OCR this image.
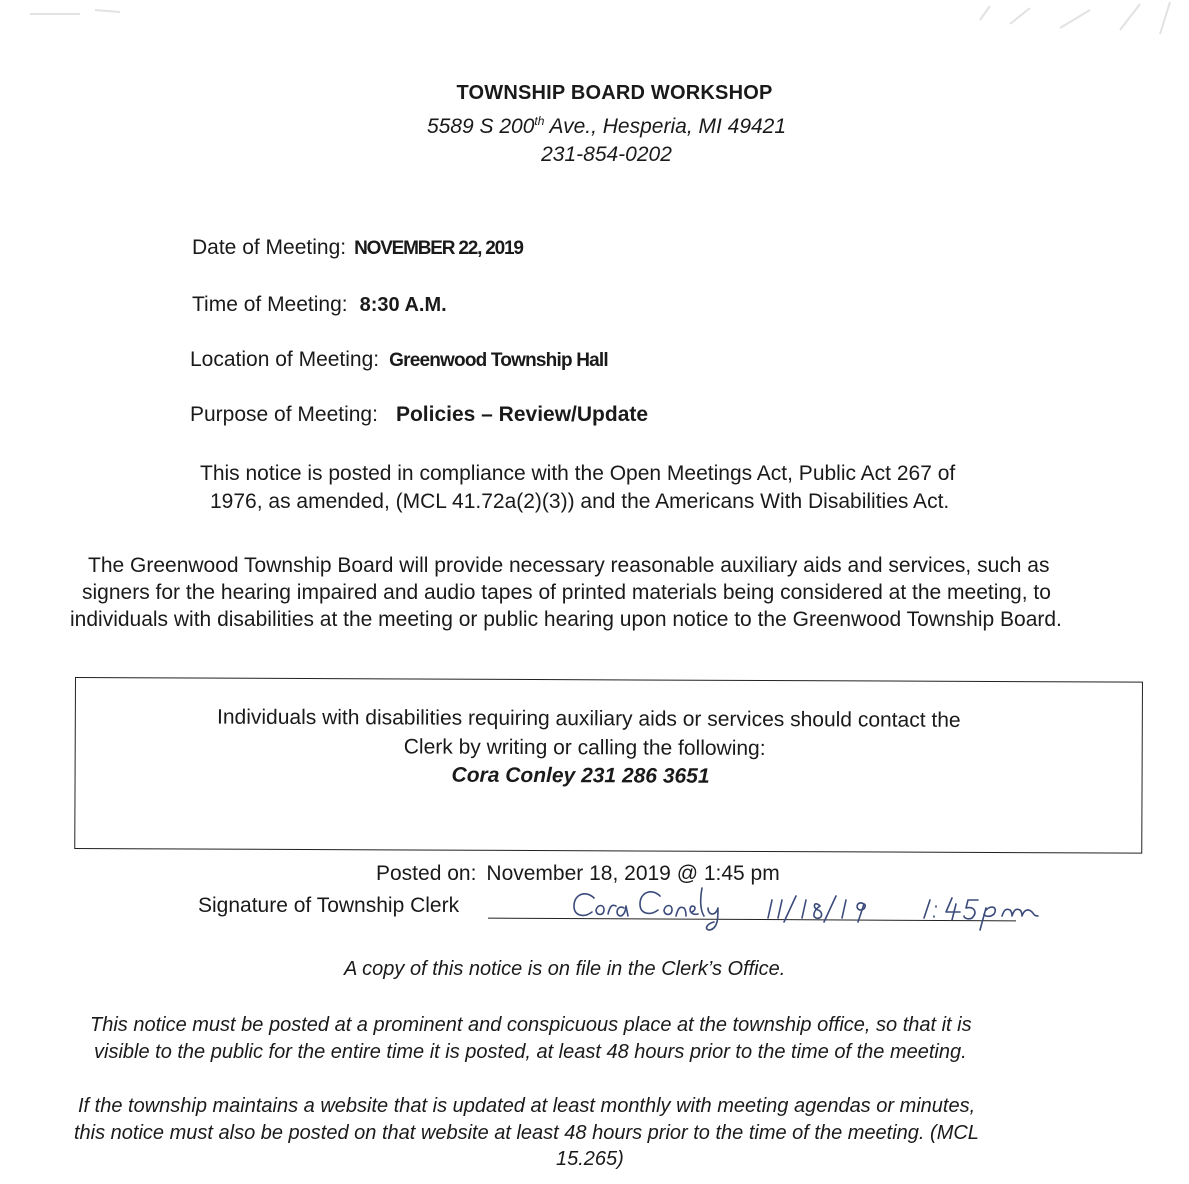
TOWNSHIP BOARD WORKSHOP
5589 S 200th Ave., Hesperia, MI 49421
231-854-0202
Date of Meeting: NOVEMBER 22, 2019
Time of Meeting: 8:30 A.M.
Location of Meeting: Greenwood Township Hall
Purpose of Meeting: Policies – Review/Update
This notice is posted in compliance with the Open Meetings Act, Public Act 267 of
1976, as amended, (MCL 41.72a(2)(3)) and the Americans With Disabilities Act.
The Greenwood Township Board will provide necessary reasonable auxiliary aids and services, such as
signers for the hearing impaired and audio tapes of printed materials being considered at the meeting, to
individuals with disabilities at the meeting or public hearing upon notice to the Greenwood Township Board.
Individuals with disabilities requiring auxiliary aids or services should contact the
Clerk by writing or calling the following:
Cora Conley 231 286 3651
Posted on: November 18, 2019 @ 1:45 pm
Signature of Township Clerk
A copy of this notice is on file in the Clerk’s Office.
This notice must be posted at a prominent and conspicuous place at the township office, so that it is
visible to the public for the entire time it is posted, at least 48 hours prior to the time of the meeting.
If the township maintains a website that is updated at least monthly with meeting agendas or minutes,
this notice must also be posted on that website at least 48 hours prior to the time of the meeting. (MCL
15.265)
